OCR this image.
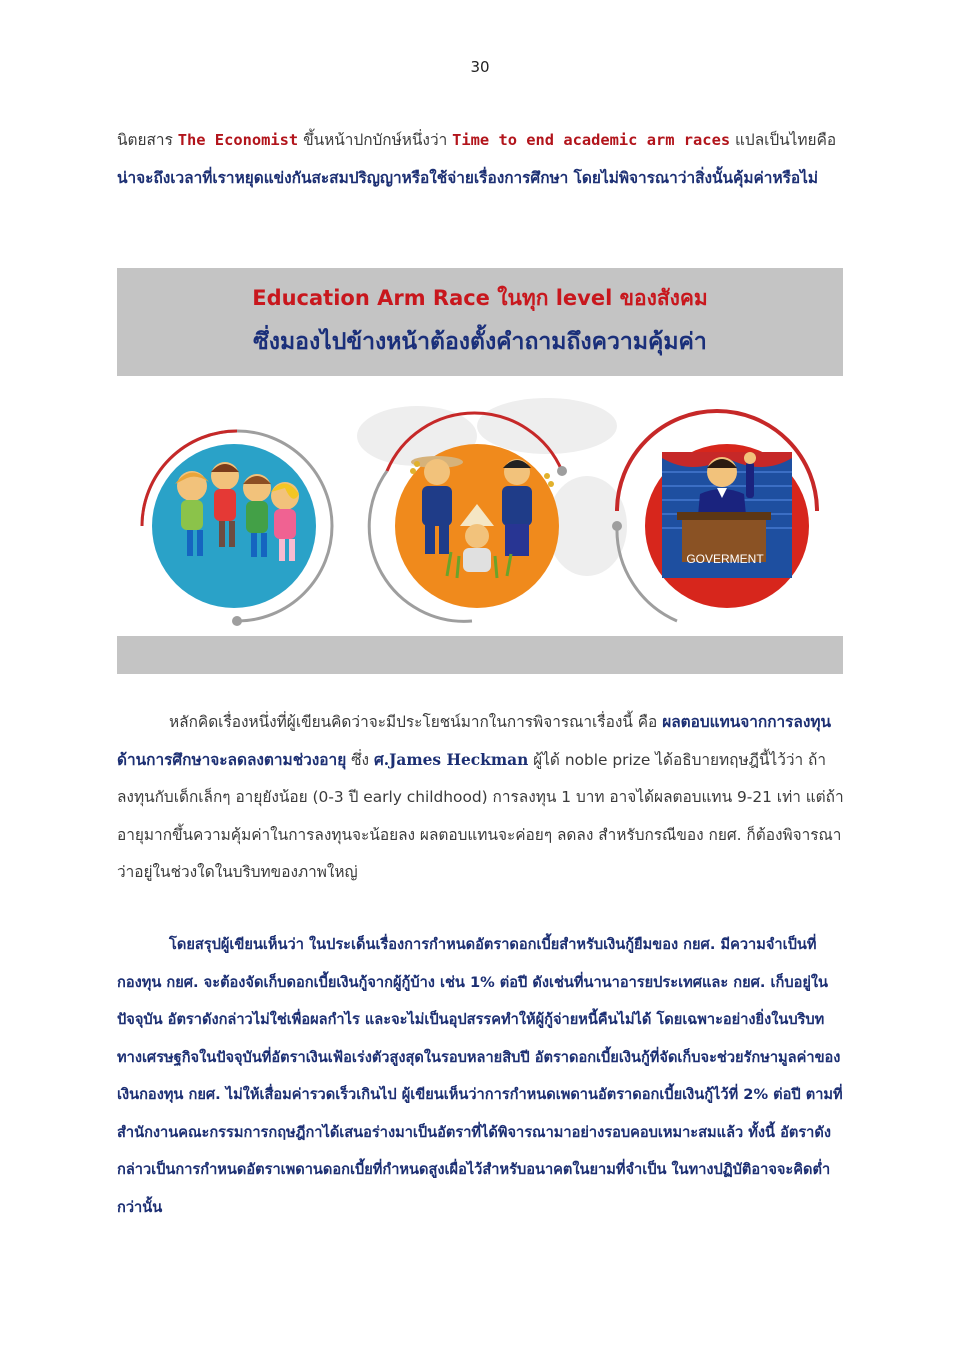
30
นิตยสาร The Economist ขึ้นหน้าปกบักษ์หนึ่งว่า Time to end academic arm races แปลเป็นไทยคือ น่าจะถึงเวลาที่เราหยุดแข่งกันสะสมปริญญาหรือใช้จ่ายเรื่องการศึกษา โดยไม่พิจารณาว่าสิ่งนั้นคุ้มค่าหรือไม่
Education Arm Race ในทุก level ของสังคม
ซึ่งมองไปข้างหน้าต้องตั้งคำถามถึงความคุ้มค่า
GOVERMENT
หลักคิดเรื่องหนึ่งที่ผู้เขียนคิดว่าจะมีประโยชน์มากในการพิจารณาเรื่องนี้ คือ ผลตอบแทนจากการลงทุนด้านการศึกษาจะลดลงตามช่วงอายุ ซึ่ง ศ.James Heckman ผู้ได้ noble prize ได้อธิบายทฤษฎีนี้ไว้ว่า ถ้าลงทุนกับเด็กเล็กๆ อายุยังน้อย (0-3 ปี early childhood) การลงทุน 1 บาท อาจได้ผลตอบแทน 9-21 เท่า แต่ถ้าอายุมากขึ้นความคุ้มค่าในการลงทุนจะน้อยลง ผลตอบแทนจะค่อยๆ ลดลง สำหรับกรณีของ กยศ. ก็ต้องพิจารณาว่าอยู่ในช่วงใดในบริบทของภาพใหญ่
โดยสรุปผู้เขียนเห็นว่า ในประเด็นเรื่องการกำหนดอัตราดอกเบี้ยสำหรับเงินกู้ยืมของ กยศ. มีความจำเป็นที่กองทุน กยศ. จะต้องจัดเก็บดอกเบี้ยเงินกู้จากผู้กู้บ้าง เช่น 1% ต่อปี ดังเช่นที่นานาอารยประเทศและ กยศ. เก็บอยู่ในปัจจุบัน อัตราดังกล่าวไม่ใช่เพื่อผลกำไร และจะไม่เป็นอุปสรรคทำให้ผู้กู้จ่ายหนี้คืนไม่ได้ โดยเฉพาะอย่างยิ่งในบริบททางเศรษฐกิจในปัจจุบันที่อัตราเงินเฟ้อเร่งตัวสูงสุดในรอบหลายสิบปี อัตราดอกเบี้ยเงินกู้ที่จัดเก็บจะช่วยรักษามูลค่าของเงินกองทุน กยศ. ไม่ให้เสื่อมค่ารวดเร็วเกินไป ผู้เขียนเห็นว่าการกำหนดเพดานอัตราดอกเบี้ยเงินกู้ไว้ที่ 2% ต่อปี ตามที่สำนักงานคณะกรรมการกฤษฎีกาได้เสนอร่างมาเป็นอัตราที่ได้พิจารณามาอย่างรอบคอบเหมาะสมแล้ว ทั้งนี้ อัตราดังกล่าวเป็นการกำหนดอัตราเพดานดอกเบี้ยที่กำหนดสูงเผื่อไว้สำหรับอนาคตในยามที่จำเป็น ในทางปฏิบัติอาจจะคิดต่ำกว่านั้น
